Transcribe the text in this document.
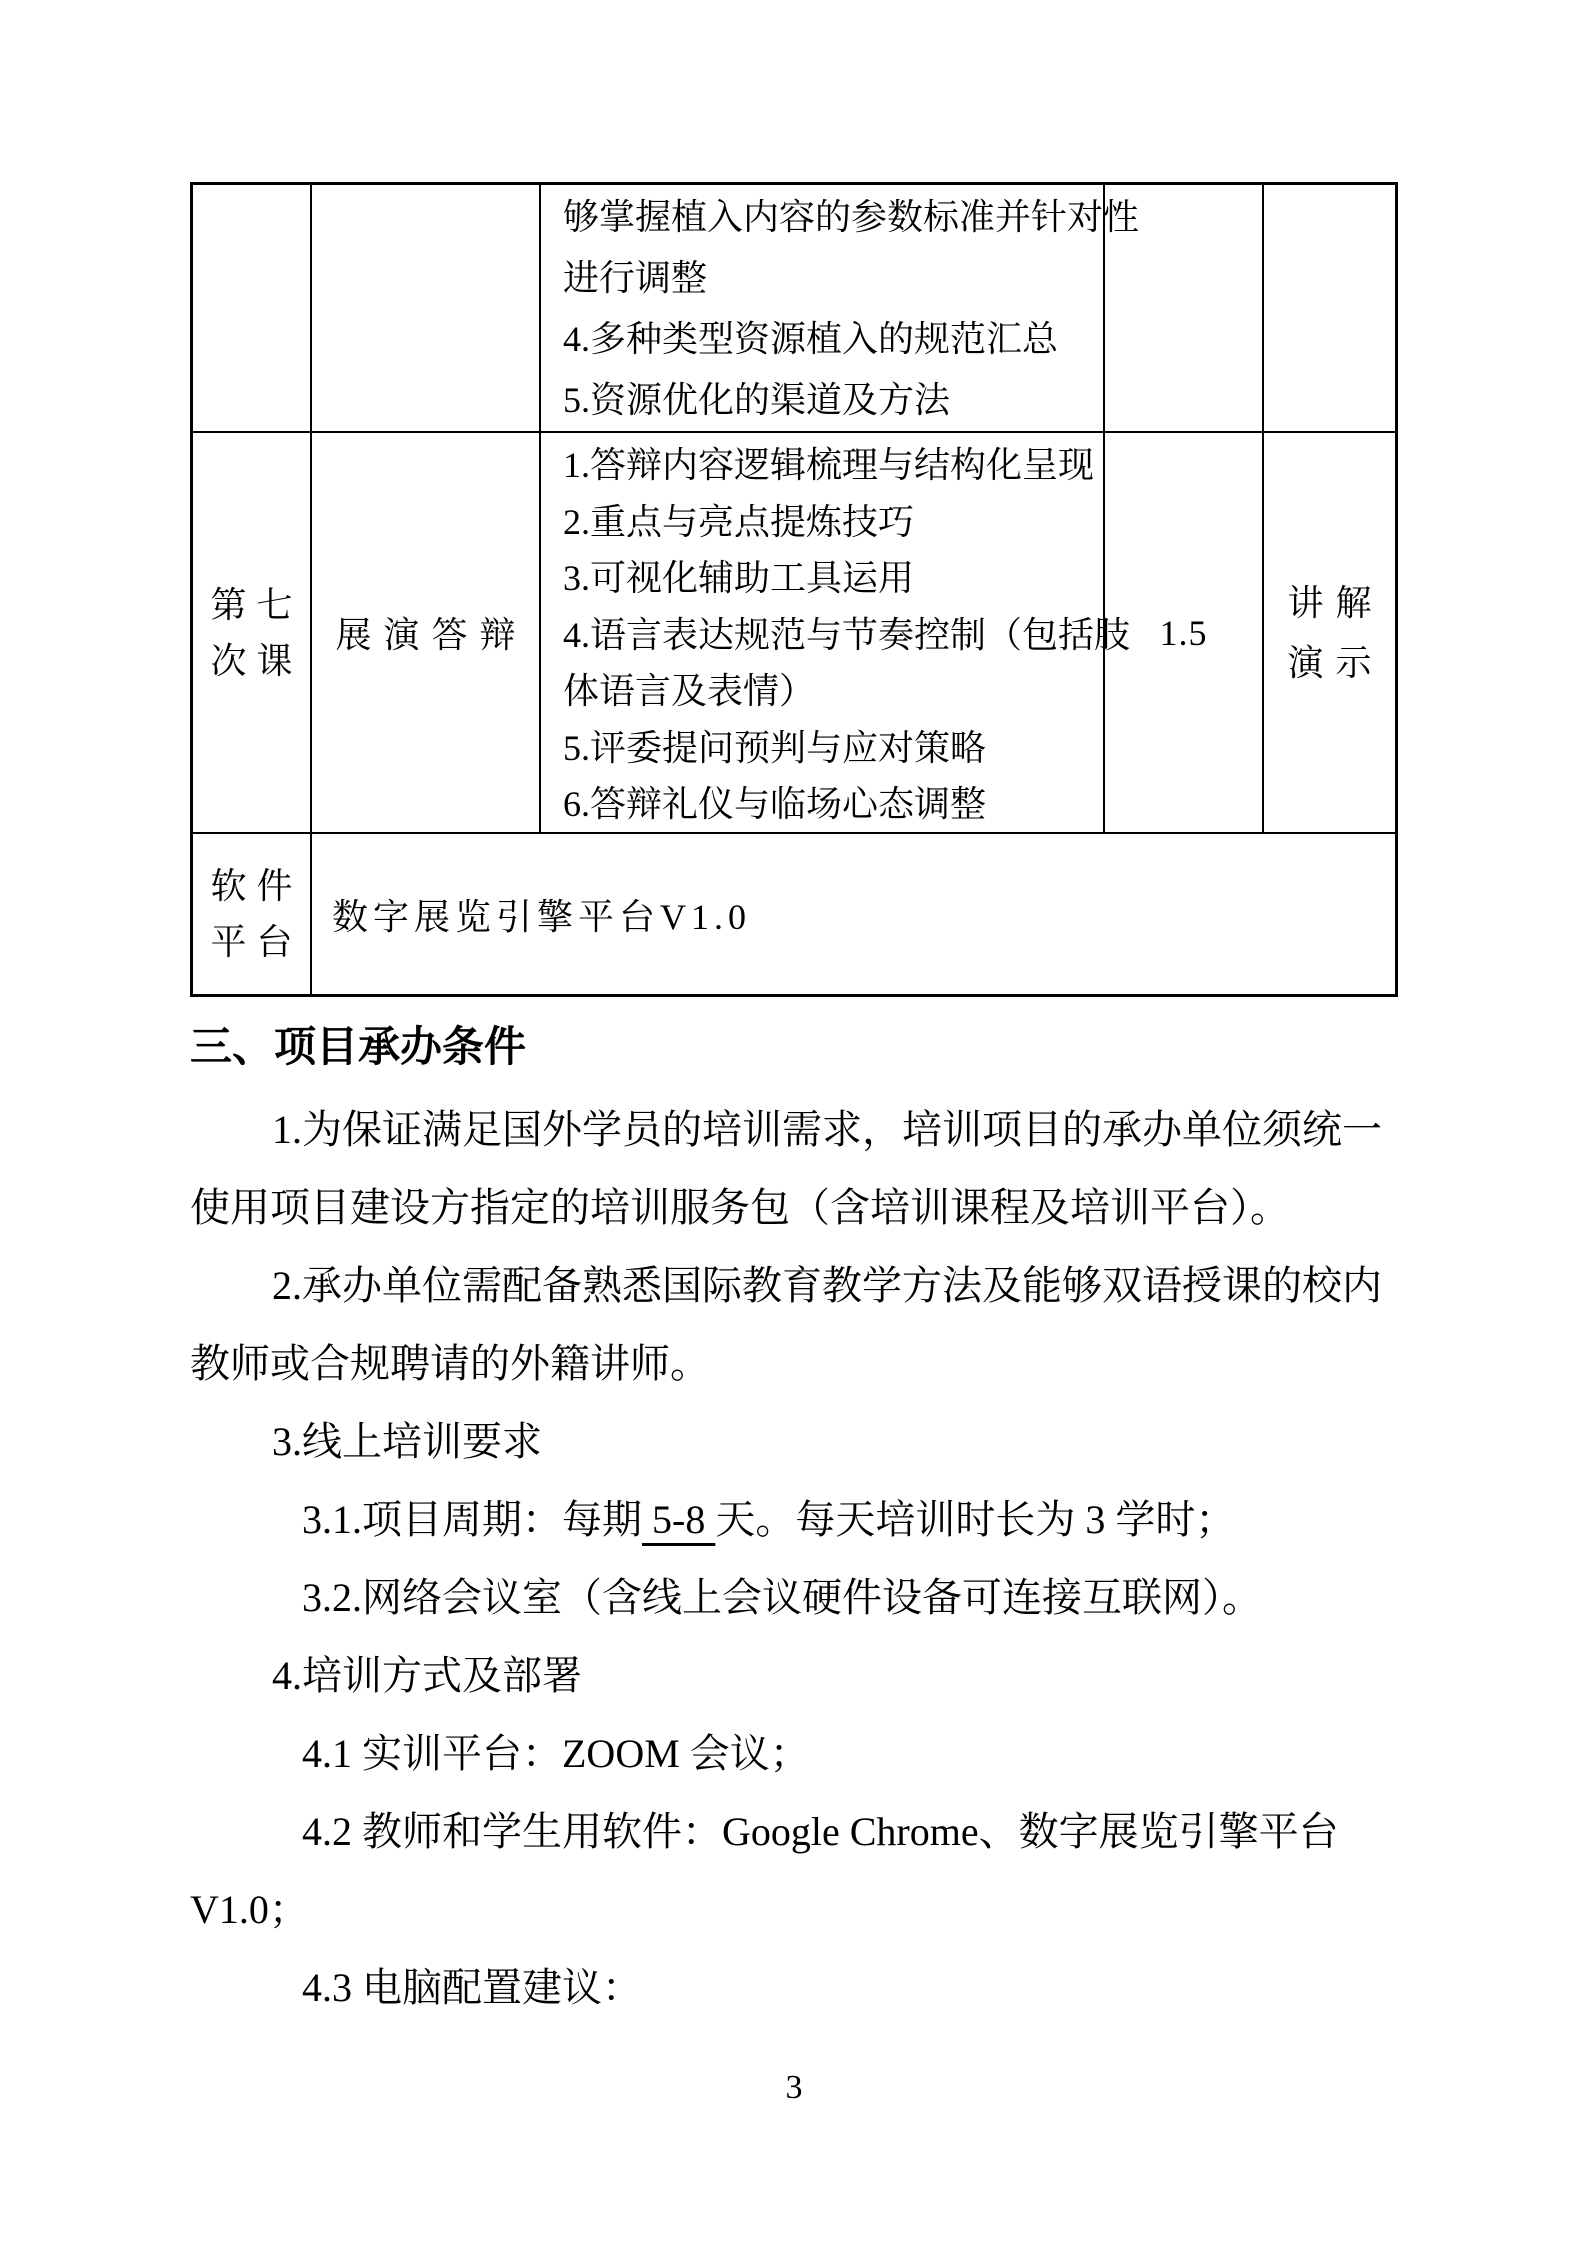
够掌握植入内容的参数标准并针对性
进行调整
4.多种类型资源植入的规范汇总
5.资源优化的渠道及方法
第七
次课
展演答辩
1.答辩内容逻辑梳理与结构化呈现
2.重点与亮点提炼技巧
3.可视化辅助工具运用
4.语言表达规范与节奏控制（包括肢
体语言及表情）
5.评委提问预判与应对策略
6.答辩礼仪与临场心态调整
1.5
讲解
演示
软件
平台
数字展览引擎平台V1.0
三、项目承办条件
1.为保证满足国外学员的培训需求，培训项目的承办单位须统一
使用项目建设方指定的培训服务包（含培训课程及培训平台）。
2.承办单位需配备熟悉国际教育教学方法及能够双语授课的校内
教师或合规聘请的外籍讲师。
3.线上培训要求
3.1.项目周期：每期 5-8 天。每天培训时长为 3 学时；
3.2.网络会议室（含线上会议硬件设备可连接互联网）。
4.培训方式及部署
4.1 实训平台：ZOOM 会议；
4.2 教师和学生用软件：Google Chrome、数字展览引擎平台
V1.0；
4.3 电脑配置建议：
3
